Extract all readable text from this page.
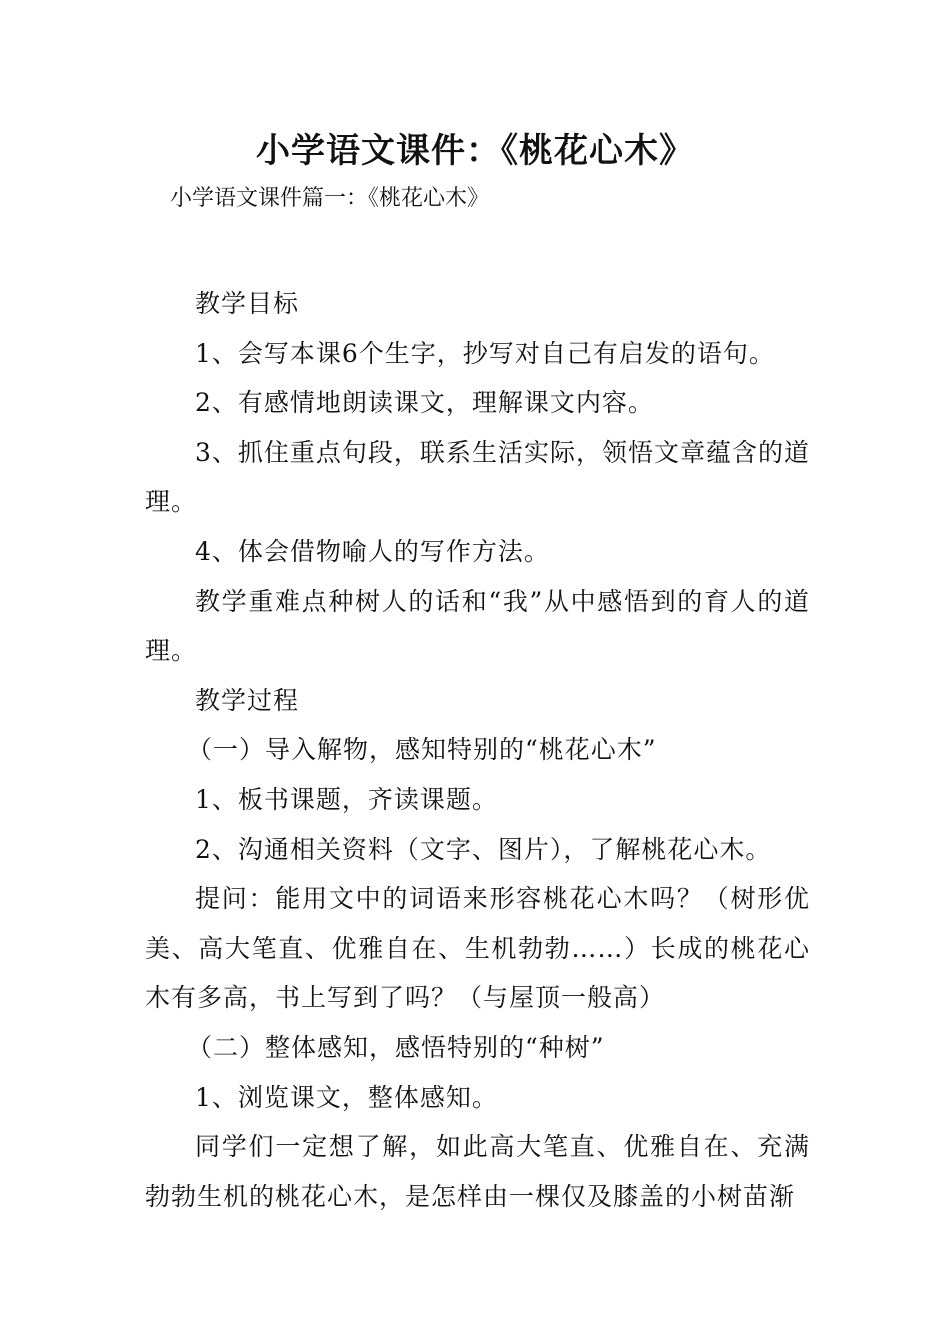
小学语文课件：《桃花心木》
小学语文课件篇一：《桃花心木》

教学目标

1、会写本课6个生字，抄写对自己有启发的语句。

2、有感情地朗读课文，理解课文内容。

3、抓住重点句段，联系生活实际，领悟文章蕴含的道理。

4、体会借物喻人的写作方法。

教学重难点种树人的话和“我”从中感悟到的育人的道理。

教学过程

（一）导入解物，感知特别的“桃花心木”

1、板书课题，齐读课题。

2、沟通相关资料（文字、图片），了解桃花心木。

提问：能用文中的词语来形容桃花心木吗？（树形优美、高大笔直、优雅自在、生机勃勃……）长成的桃花心木有多高，书上写到了吗？（与屋顶一般高）

（二）整体感知，感悟特别的“种树”

1、浏览课文，整体感知。

同学们一定想了解，如此高大笔直、优雅自在、充满勃勃生机的桃花心木，是怎样由一棵仅及膝盖的小树苗渐
